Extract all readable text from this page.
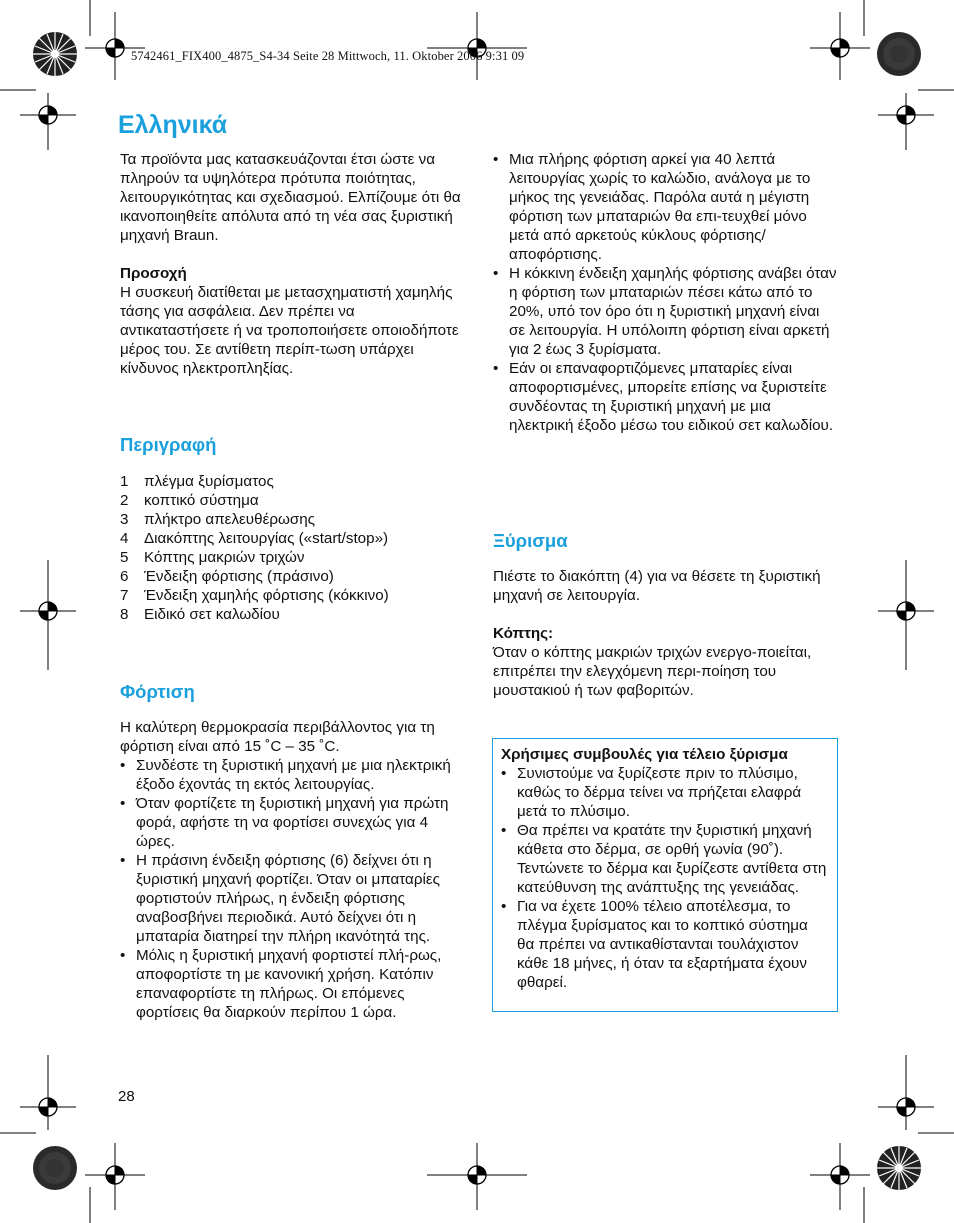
5742461_FIX400_4875_S4-34 Seite 28 Mittwoch, 11. Oktober 2006 9:31 09
Ελληνικά

Τα προϊόντα μας κατασκευάζονται έτσι ώστε να πληρούν τα υψηλότερα πρότυπα ποιότητας, λειτουργικότητας και σχεδιασμού. Ελπίζουμε ότι θα ικανοποιηθείτε απόλυτα από τη νέα σας ξυριστική μηχανή Braun.

Προσοχή

Η συσκευή διατίθεται με μετασχηματιστή χαμηλής τάσης για ασφάλεια. Δεν πρέπει να αντικαταστήσετε ή να τροποποιήσετε οποιοδήποτε μέρος του. Σε αντίθετη περίπ-τωση υπάρχει κίνδυνος ηλεκτροπληξίας.

Περιγραφή
1	πλέγμα ξυρίσματος
2	κοπτικό σύστημα
3	πλήκτρο απελευθέρωσης
4	Διακόπτης λειτουργίας («start/stop»)
5	Κόπτης μακριών τριχών
6	Ένδειξη φόρτισης (πράσινο)
7	Ένδειξη χαμηλής φόρτισης (κόκκινο)
8	Ειδικό σετ καλωδίου
Φόρτιση

Η καλύτερη θερμοκρασία περιβάλλοντος για τη φόρτιση είναι από 15 ˚C – 35 ˚C.

• Συνδέστε τη ξυριστική μηχανή με μια ηλεκτρική έξοδο έχοντάς τη εκτός λειτουργίας.
• Όταν φορτίζετε τη ξυριστική μηχανή για πρώτη φορά, αφήστε τη να φορτίσει συνεχώς για 4 ώρες.
• Η πράσινη ένδειξη φόρτισης (6) δείχνει ότι η ξυριστική μηχανή φορτίζει. Όταν οι μπαταρίες φορτιστούν πλήρως, η ένδειξη φόρτισης αναβοσβήνει περιοδικά. Αυτό δείχνει ότι η μπαταρία διατηρεί την πλήρη ικανότητά της.
• Μόλις η ξυριστική μηχανή φορτιστεί πλή-ρως, αποφορτίστε τη με κανονική χρήση. Κατόπιν επαναφορτίστε τη πλήρως. Οι επόμενες φορτίσεις θα διαρκούν περίπου 1 ώρα.
28
• Μια πλήρης φόρτιση αρκεί για 40 λεπτά λειτουργίας χωρίς το καλώδιο, ανάλογα με το μήκος της γενειάδας. Παρόλα αυτά η μέγιστη φόρτιση των μπαταριών θα επι-τευχθεί μόνο μετά από αρκετούς κύκλους φόρτισης/αποφόρτισης.
• Η κόκκινη ένδειξη χαμηλής φόρτισης ανάβει όταν η φόρτιση των μπαταριών πέσει κάτω από το 20%, υπό τον όρο ότι η ξυριστική μηχανή είναι σε λειτουργία. Η υπόλοιπη φόρτιση είναι αρκετή για 2 έως 3 ξυρίσματα.
• Εάν οι επαναφορτιζόμενες μπαταρίες είναι αποφορτισμένες, μπορείτε επίσης να ξυριστείτε συνδέοντας τη ξυριστική μηχανή με μια ηλεκτρική έξοδο μέσω του ειδικού σετ καλωδίου.
Ξύρισμα

Πιέστε το διακόπτη (4) για να θέσετε τη ξυριστική μηχανή σε λειτουργία.

Κόπτης:

Όταν ο κόπτης μακριών τριχών ενεργο-ποιείται, επιτρέπει την ελεγχόμενη περι-ποίηση του μουστακιού ή των φαβοριτών.

Χρήσιμες συμβουλές για τέλειο ξύρισμα

• Συνιστούμε να ξυρίζεστε πριν το πλύσιμο, καθώς το δέρμα τείνει να πρήζεται ελαφρά μετά το πλύσιμο.
• Θα πρέπει να κρατάτε την ξυριστική μηχανή κάθετα στο δέρμα, σε ορθή γωνία (90˚). Τεντώνετε το δέρμα και ξυρίζεστε αντίθετα στη κατεύθυνση της ανάπτυξης της γενειάδας.
• Για να έχετε 100% τέλειο αποτέλεσμα, το πλέγμα ξυρίσματος και το κοπτικό σύστημα θα πρέπει να αντικαθίστανται τουλάχιστον κάθε 18 μήνες, ή όταν τα εξαρτήματα έχουν φθαρεί.
